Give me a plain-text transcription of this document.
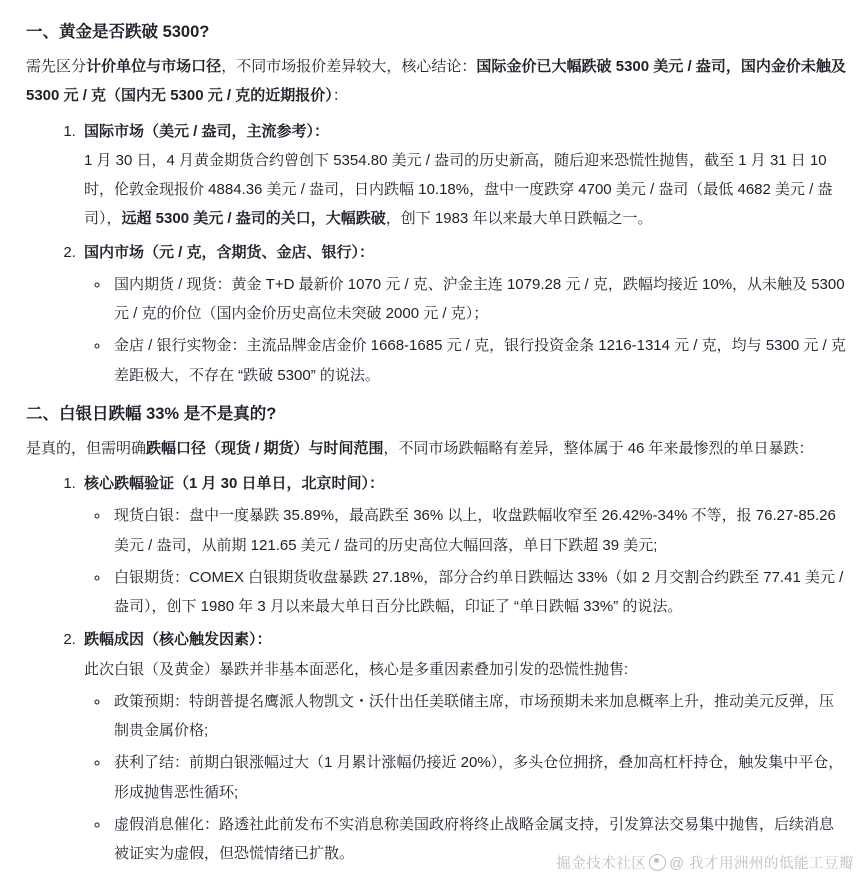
一、黄金是否跌破 5300?

需先区分计价单位与市场口径，不同市场报价差异较大，核心结论：国际金价已大幅跌破 5300 美元 / 盎司，国内金价未触及 5300 元 / 克（国内无 5300 元 / 克的近期报价）：

1. 国际市场（美元 / 盎司，主流参考）：
1 月 30 日，4 月黄金期货合约曾创下 5354.80 美元 / 盎司的历史新高，随后迎来恐慌性抛售，截至 1 月 31 日 10 时，伦敦金现报价 4884.36 美元 / 盎司，日内跌幅 10.18%，盘中一度跌穿 4700 美元 / 盎司（最低 4682 美元 / 盎司），远超 5300 美元 / 盎司的关口，大幅跌破，创下 1983 年以来最大单日跌幅之一。
2. 国内市场（元 / 克，含期货、金店、银行）：
◦ 国内期货 / 现货：黄金 T+D 最新价 1070 元 / 克、沪金主连 1079.28 元 / 克，跌幅均接近 10%，从未触及 5300 元 / 克的价位（国内金价历史高位未突破 2000 元 / 克）；
◦ 金店 / 银行实物金：主流品牌金店金价 1668-1685 元 / 克，银行投资金条 1216-1314 元 / 克，均与 5300 元 / 克差距极大，不存在 “跌破 5300” 的说法。
二、白银日跌幅 33% 是不是真的?

是真的，但需明确跌幅口径（现货 / 期货）与时间范围，不同市场跌幅略有差异，整体属于 46 年来最惨烈的单日暴跌：

1. 核心跌幅验证（1 月 30 日单日，北京时间）：
◦ 现货白银：盘中一度暴跌 35.89%，最高跌至 36% 以上，收盘跌幅收窄至 26.42%-34% 不等，报 76.27-85.26 美元 / 盎司，从前期 121.65 美元 / 盎司的历史高位大幅回落，单日下跌超 39 美元;
◦ 白银期货：COMEX 白银期货收盘暴跌 27.18%，部分合约单日跌幅达 33%（如 2 月交割合约跌至 77.41 美元 / 盎司），创下 1980 年 3 月以来最大单日百分比跌幅，印证了 “单日跌幅 33%” 的说法。
2. 跌幅成因（核心触发因素）：
此次白银（及黄金）暴跌并非基本面恶化，核心是多重因素叠加引发的恐慌性抛售:
◦ 政策预期：特朗普提名鹰派人物凯文・沃什出任美联储主席，市场预期未来加息概率上升，推动美元反弹，压制贵金属价格;
◦ 获利了结：前期白银涨幅过大（1 月累计涨幅仍接近 20%），多头仓位拥挤，叠加高杠杆持仓，触发集中平仓，形成抛售恶性循环;
◦ 虚假消息催化：路透社此前发布不实消息称美国政府将终止战略金属支持，引发算法交易集中抛售，后续消息被证实为虚假，但恐慌情绪已扩散。
掘金技术社区 @ 我才用洲州的低能工豆瓣
